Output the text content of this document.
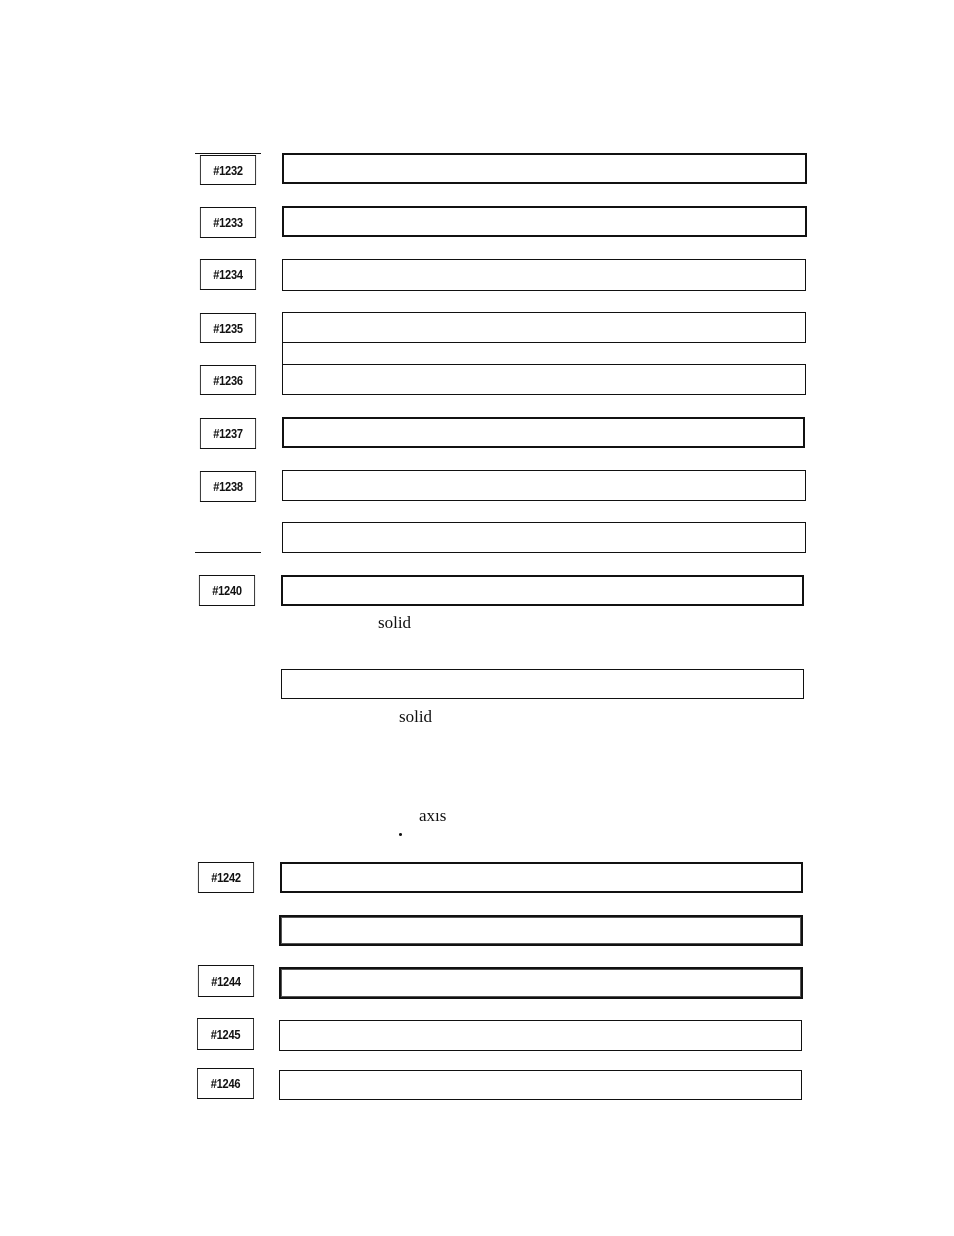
#1232
#1233
#1234
#1235
#1236
#1237
#1238
#1240
#1242
#1244
#1245
#1246
solid
solid
axıs
